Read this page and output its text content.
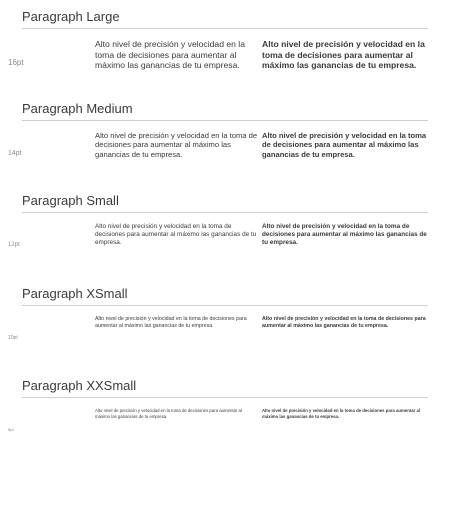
Paragraph Large
16pt

Alto nivel de precisión y velocidad en la toma de decisiones para aumentar al máximo las ganancias de tu empresa.

Alto nivel de precisión y velocidad en la toma de decisiones para aumentar al máximo las ganancias de tu empresa.

Paragraph Medium
14pt

Alto nivel de precisión y velocidad en la toma de decisiones para aumentar al máximo las ganancias de tu empresa.

Alto nivel de precisión y velocidad en la toma de decisiones para aumentar al máximo las ganancias de tu empresa.

Paragraph Small
12pt

Alto nivel de precisión y velocidad en la toma de decisiones para aumentar al máximo las ganancias de tu empresa.

Alto nivel de precisión y velocidad en la toma de decisiones para aumentar al máximo las ganancias de tu empresa.

Paragraph XSmall
10pt

Alto nivel de precisión y velocidad en la toma de decisiones para aumentar al máximo las ganancias de tu empresa.

Alto nivel de precisión y velocidad en la toma de decisiones para aumentar al máximo las ganancias de tu empresa.

Paragraph XXSmall
8pt

Alto nivel de precisión y velocidad en la toma de decisiones para aumentar al máximo las ganancias de tu empresa.

Alto nivel de precisión y velocidad en la toma de decisiones para aumentar al máximo las ganancias de tu empresa.
